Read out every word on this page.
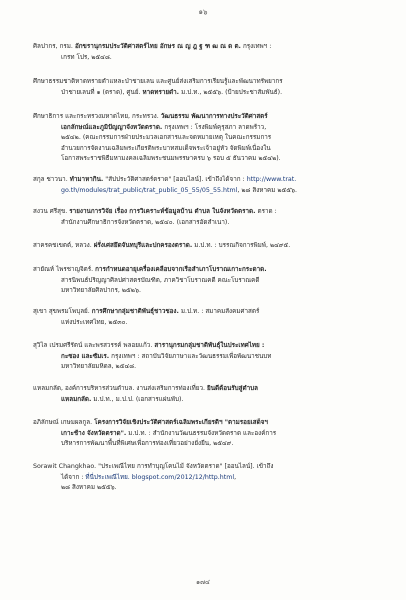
๑๖
ศิลปากร, กรม. อักขรานุกรมประวัติศาสตร์ไทย อักษร ณ ญ ฎ ฐ ฑ ฒ ณ ด ต. กรุงเทพฯ :
เกรท โปร, ๒๕๔๘.
ศึกษาธรรมชาติหาดทรายตำแหละป่าชายเลน และศูนย์ส่งเสริมการเรียนรู้และพัฒนาทรัพยากร
ป่าชายเลนที่ ๑ (ตราด), ศูนย์. หาดทรายดำ. ม.ป.ท., ๒๕๕๖. (ป้ายประชาสัมพันธ์).
ศึกษาธิการ และกระทรวงมหาดไทย, กระทรวง. วัฒนธรรม พัฒนาการทางประวัติศาสตร์
เอกลักษณ์และภูมิปัญญาจังหวัดตราด. กรุงเทพฯ : โรงพิมพ์คุรุสภา ลาดพร้าว,
๒๕๔๒. (คณะกรรมการฝ่ายประมวลเอกสารและจดหมายเหตุ ในคณะกรรมการ
อำนวยการจัดงานเฉลิมพระเกียรติพระบาทสมเด็จพระเจ้าอยู่หัว จัดพิมพ์เนื่องใน
โอกาสพระราชพิธีมหามงคลเฉลิมพระชนมพรรษาครบ ๖ รอบ ๕ ธันวาคม ๒๕๔๒).
สกุล ชาวนา. ทำมาหากิน. "สัปประวัติศาสตร์ตราด" [ออนไลน์]. เข้าถึงได้จาก : http://www.trat.
go.th/modules/trat_public/trat_public_05_55/05_55.html, ๒๘ สิงหาคม ๒๕๕๖.
สงวน ศรีสุข. รายงานการวิจัย เรื่อง การวิเคราะห์ข้อมูลบ้าน ตำบล ในจังหวัดตราด. ตราด :
สำนักงานศึกษาธิการจังหวัดตราด, ๒๕๔๐. (เอกสารอัดสำเนา).
สาครคชเขตต์, หลวง. ฝรั่งเศสยึดจันทบุรีและปกครองตราด. ม.ป.ท. : บรรณกิจการพิมพ์, ๒๔๙๕.
สายัณห์ ไพรชาญจิตร์. การกำหนดอายุเครื่องเคลือบจากเรือสำเภาโบราณเกาะกระดาด.
สารนิพนธ์ปริญญาศิลปศาสตรบัณฑิต, ภาควิชาโบราณคดี คณะโบราณคดี
มหาวิทยาลัยศิลปากร, ๒๕๒๖.
สุเขา สุขพรมโพบุลย์. การศึกษากลุ่มชาติพันธุ์ชาวชอง. ม.ป.ท. : สมาคมสังคมศาสตร์
แห่งประเทศไทย, ๒๕๓๐.
สุวิไล เปรมศรีรัตน์ และพรสวรรค์ พลอยแก้ว. สารานุกรมกลุ่มชาติพันธุ์ในประเทศไทย :
กะซอง และซัมเร. กรุงเทพฯ : สถาบันวิจัยภาษาและวัฒนธรรมเพื่อพัฒนาชนบท
มหาวิทยาลัยมหิดล, ๒๕๔๘.
แหลมกลัด, องค์การบริหารส่วนตำบล. งานส่งเสริมการท่องเที่ยว. ยินดีต้อนรับสู่ตำบล
แหลมกลัด. ม.ป.ท., ม.ป.ป. (เอกสารแผ่นพับ).
อภิลักษณ์ เกษมผลกูล. โครงการวิจัยเชิงประวัติศาสตร์เฉลิมพระเกียรติฯ "ตามรอยเสด็จฯ
เกาะช้าง จังหวัดตราด". ม.ป.ท. : สำนักงานวัฒนธรรมจังหวัดตราด และองค์การ
บริหารการพัฒนาพื้นที่พิเศษเพื่อการท่องเที่ยวอย่างยั่งยืน, ๒๕๔๙.
Sorawit Changkhao. "ประเพณีไทย การทำบุญโคนไม้ จังหวัดตราด" [ออนไลน์]. เข้าถึง
ได้จาก : ที่นี่ประเพณีไทย. blogspot.com/2012/12/http.html,
๒๘ สิงหาคม ๒๕๕๖.
๑๗๔
